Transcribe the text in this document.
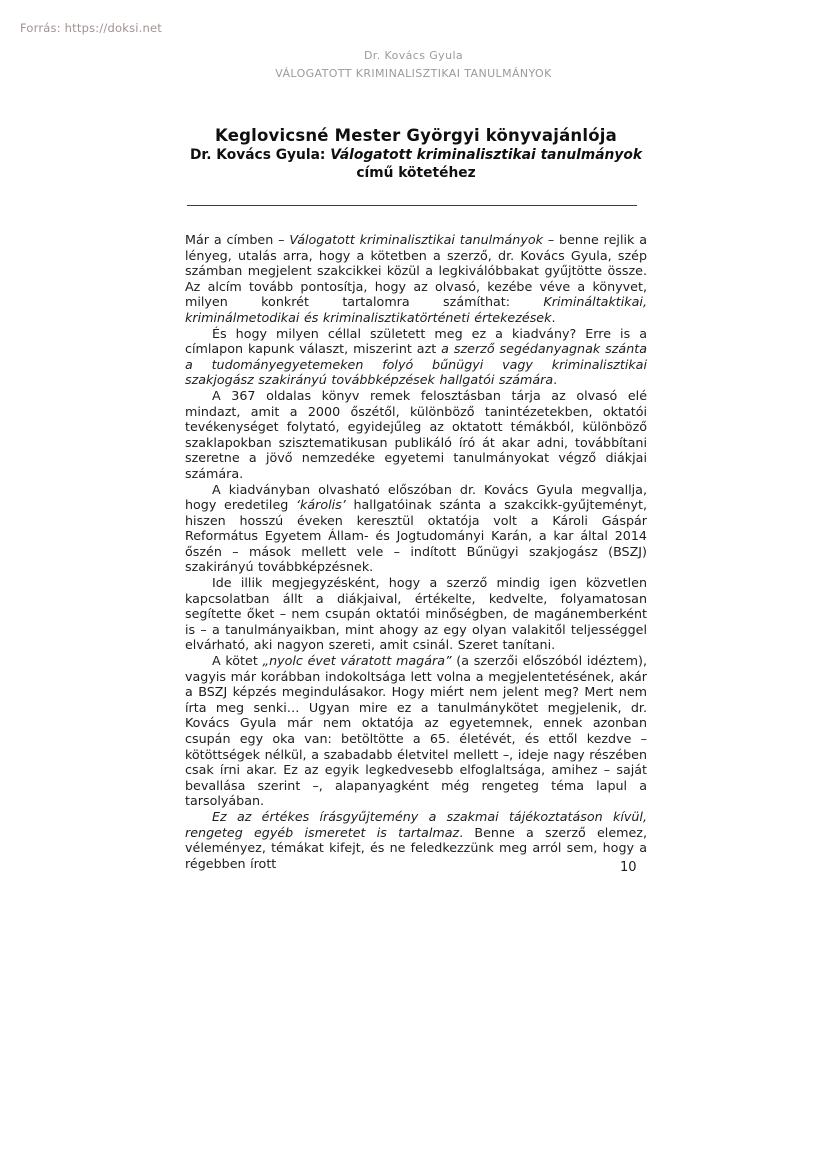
Forrás: https://doksi.net
Dr. Kovács Gyula
VÁLOGATOTT KRIMINALISZTIKAI TANULMÁNYOK
Keglovicsné Mester Györgyi könyvajánlója
Dr. Kovács Gyula: Válogatott kriminalisztikai tanulmányok
című kötetéhez

Már a címben – Válogatott kriminalisztikai tanulmányok – benne rejlik a lényeg, utalás arra, hogy a kötetben a szerző, dr. Kovács Gyula, szép számban megjelent szakcikkei közül a legkiválóbbakat gyűjtötte össze. Az alcím tovább pontosítja, hogy az olvasó, kezébe véve a könyvet, milyen konkrét tartalomra számíthat: Krimináltaktikai, kriminálmetodikai és kriminalisztikatörténeti értekezések.

És hogy milyen céllal született meg ez a kiadvány? Erre is a címlapon kapunk választ, miszerint azt a szerző segédanyagnak szánta a tudományegyetemeken folyó bűnügyi vagy kriminalisztikai szakjogász szakirányú továbbképzések hallgatói számára.

A 367 oldalas könyv remek felosztásban tárja az olvasó elé mindazt, amit a 2000 őszétől, különböző tanintézetekben, oktatói tevékenységet folytató, egyidejűleg az oktatott témákból, különböző szaklapokban szisztematikusan publikáló író át akar adni, továbbítani szeretne a jövő nemzedéke egyetemi tanulmányokat végző diákjai számára.

A kiadványban olvasható előszóban dr. Kovács Gyula megvallja, hogy eredetileg ‘károlis’ hallgatóinak szánta a szakcikk-gyűjteményt, hiszen hosszú éveken keresztül oktatója volt a Károli Gáspár Református Egyetem Állam- és Jogtudományi Karán, a kar által 2014 őszén – mások mellett vele – indított Bűnügyi szakjogász (BSZJ) szakirányú továbbképzésnek.

Ide illik megjegyzésként, hogy a szerző mindig igen közvetlen kapcsolatban állt a diákjaival, értékelte, kedvelte, folyamatosan segítette őket – nem csupán oktatói minőségben, de magánemberként is – a tanulmányaikban, mint ahogy az egy olyan valakitől teljességgel elvárható, aki nagyon szereti, amit csinál. Szeret tanítani.

A kötet „nyolc évet váratott magára” (a szerzői előszóból idéztem), vagyis már korábban indokoltsága lett volna a megjelentetésének, akár a BSZJ képzés megindulásakor. Hogy miért nem jelent meg? Mert nem írta meg senki… Ugyan mire ez a tanulmánykötet megjelenik, dr. Kovács Gyula már nem oktatója az egyetemnek, ennek azonban csupán egy oka van: betöltötte a 65. életévét, és ettől kezdve – kötöttségek nélkül, a szabadabb életvitel mellett –, ideje nagy részében csak írni akar. Ez az egyik legkedvesebb elfoglaltsága, amihez – saját bevallása szerint –, alapanyagként még rengeteg téma lapul a tarsolyában.

Ez az értékes írásgyűjtemény a szakmai tájékoztatáson kívül, rengeteg egyéb ismeretet is tartalmaz. Benne a szerző elemez, véleményez, témákat kifejt, és ne feledkezzünk meg arról sem, hogy a régebben írott	10
